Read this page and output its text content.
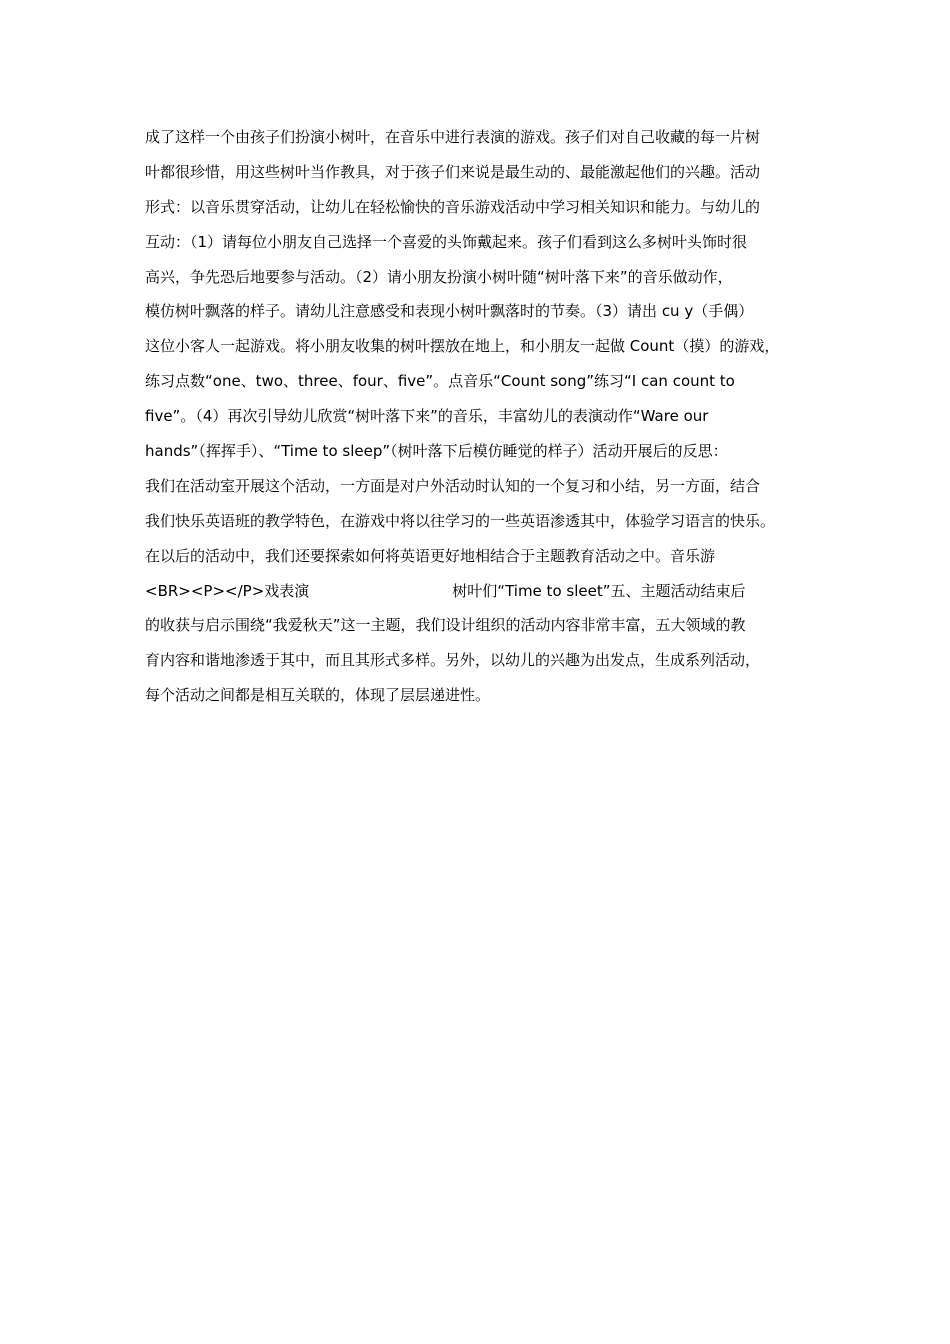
成了这样一个由孩子们扮演小树叶，在音乐中进行表演的游戏。孩子们对自己收藏的每一片树
叶都很珍惜，用这些树叶当作教具，对于孩子们来说是最生动的、最能激起他们的兴趣。活动
形式：以音乐贯穿活动，让幼儿在轻松愉快的音乐游戏活动中学习相关知识和能力。与幼儿的
互动：（1）请每位小朋友自己选择一个喜爱的头饰戴起来。孩子们看到这么多树叶头饰时很
高兴，争先恐后地要参与活动。（2）请小朋友扮演小树叶随“树叶落下来”的音乐做动作，
模仿树叶飘落的样子。请幼儿注意感受和表现小树叶飘落时的节奏。（3）请出 cu y（手偶）
这位小客人一起游戏。将小朋友收集的树叶摆放在地上，和小朋友一起做 Count（摸）的游戏，
练习点数“one、two、three、four、five”。点音乐“Count song”练习“I can count to
five”。（4）再次引导幼儿欣赏“树叶落下来”的音乐，丰富幼儿的表演动作“Ware our
hands”（挥挥手）、“Time to sleep”（树叶落下后模仿睡觉的样子）活动开展后的反思：
我们在活动室开展这个活动，一方面是对户外活动时认知的一个复习和小结，另一方面，结合
我们快乐英语班的教学特色，在游戏中将以往学习的一些英语渗透其中，体验学习语言的快乐。
在以后的活动中，我们还要探索如何将英语更好地相结合于主题教育活动之中。音乐游
<BR><P></P>戏表演                              树叶们“Time to sleet”五、主题活动结束后
的收获与启示围绕“我爱秋天”这一主题，我们设计组织的活动内容非常丰富，五大领域的教
育内容和谐地渗透于其中，而且其形式多样。另外，以幼儿的兴趣为出发点，生成系列活动，
每个活动之间都是相互关联的，体现了层层递进性。
